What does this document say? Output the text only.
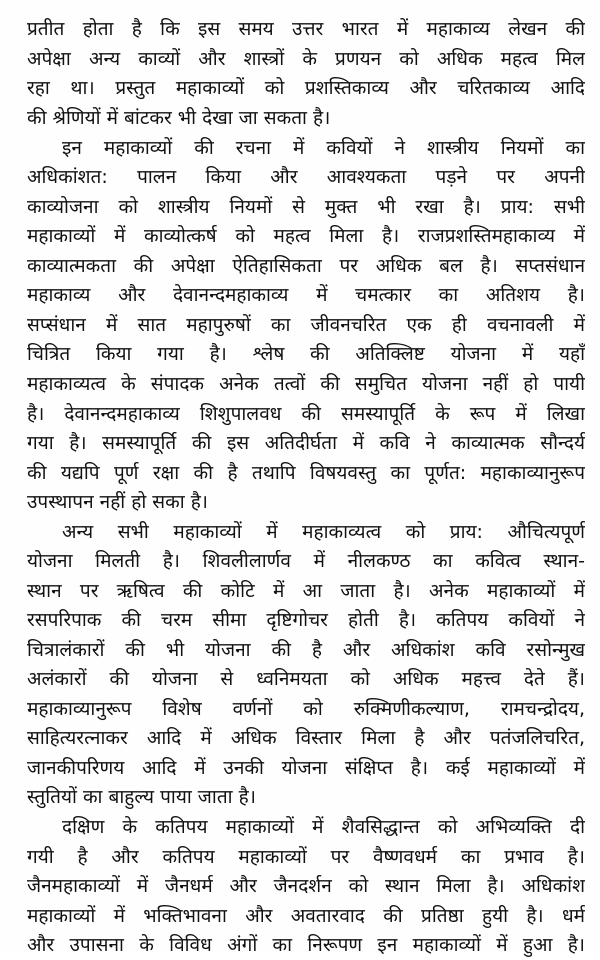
प्रतीत होता है कि इस समय उत्तर भारत में महाकाव्य लेखन की
अपेक्षा अन्य काव्यों और शास्त्रों के प्रणयन को अधिक महत्व मिल
रहा था। प्रस्तुत महाकाव्यों को प्रशस्तिकाव्य और चरितकाव्य आदि
की श्रेणियों में बांटकर भी देखा जा सकता है।
इन महाकाव्यों की रचना में कवियों ने शास्त्रीय नियमों का
अधिकांशत: पालन किया और आवश्यकता पड़ने पर अपनी
काव्योजना को शास्त्रीय नियमों से मुक्त भी रखा है। प्राय: सभी
महाकाव्यों में काव्योत्कर्ष को महत्व मिला है। राजप्रशस्तिमहाकाव्य में
काव्यात्मकता की अपेक्षा ऐतिहासिकता पर अधिक बल है। सप्तसंधान
महाकाव्य और देवानन्दमहाकाव्य में चमत्कार का अतिशय है।
सप्संधान में सात महापुरुषों का जीवनचरित एक ही वचनावली में
चित्रित किया गया है। श्लेष की अतिक्लिष्ट योजना में यहाँ
महाकाव्यत्व के संपादक अनेक तत्वों की समुचित योजना नहीं हो पायी
है। देवानन्दमहाकाव्य शिशुपालवध की समस्यापूर्ति के रूप में लिखा
गया है। समस्यापूर्ति की इस अतिदीर्घता में कवि ने काव्यात्मक सौन्दर्य
की यद्यपि पूर्ण रक्षा की है तथापि विषयवस्तु का पूर्णत: महाकाव्यानुरूप
उपस्थापन नहीं हो सका है।
अन्य सभी महाकाव्यों में महाकाव्यत्व को प्राय: औचित्यपूर्ण
योजना मिलती है। शिवलीलार्णव में नीलकण्ठ का कवित्व स्थान-
स्थान पर ऋषित्व की कोटि में आ जाता है। अनेक महाकाव्यों में
रसपरिपाक की चरम सीमा दृष्टिगोचर होती है। कतिपय कवियों ने
चित्रालंकारों की भी योजना की है और अधिकांश कवि रसोन्मुख
अलंकारों की योजना से ध्वनिमयता को अधिक महत्त्व देते हैं।
महाकाव्यानुरूप विशेष वर्णनों को रुक्मिणीकल्याण, रामचन्द्रोदय,
साहित्यरत्नाकर आदि में अधिक विस्तार मिला है और पतंजलिचरित,
जानकीपरिणय आदि में उनकी योजना संक्षिप्त है। कई महाकाव्यों में
स्तुतियों का बाहुल्य पाया जाता है।
दक्षिण के कतिपय महाकाव्यों में शैवसिद्धान्त को अभिव्यक्ति दी
गयी है और कतिपय महाकाव्यों पर वैष्णवधर्म का प्रभाव है।
जैनमहाकाव्यों में जैनधर्म और जैनदर्शन को स्थान मिला है। अधिकांश
महाकाव्यों में भक्तिभावना और अवतारवाद की प्रतिष्ठा हुयी है। धर्म
और उपासना के विविध अंगों का निरूपण इन महाकाव्यों में हुआ है।
